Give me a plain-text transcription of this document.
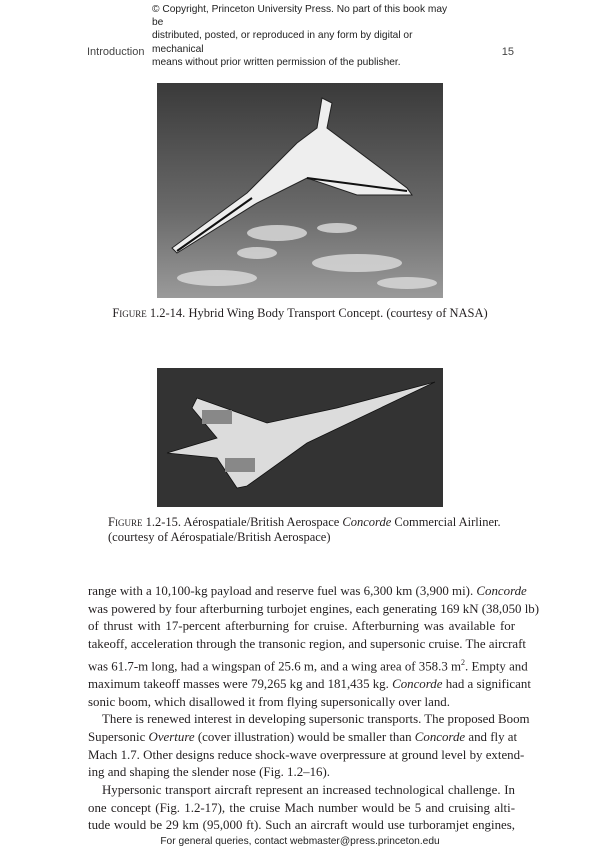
© Copyright, Princeton University Press. No part of this book may be
distributed, posted, or reproduced in any form by digital or mechanical
means without prior written permission of the publisher.
Introduction	15
Figure 1.2-14. Hybrid Wing Body Transport Concept. (courtesy of NASA)
Figure 1.2-15. Aérospatiale/British Aerospace Concorde Commercial Airliner.
(courtesy of Aérospatiale/British Aerospace)
range with a 10,100-kg payload and reserve fuel was 6,300 km (3,900 mi). Concorde
was powered by four afterburning turbojet engines, each generating 169 kN (38,050 lb)
of thrust with 17-percent afterburning for cruise. Afterburning was available for
takeoff, acceleration through the transonic region, and supersonic cruise. The aircraft
was 61.7-m long, had a wingspan of 25.6 m, and a wing area of 358.3 $m^2$. Empty and
maximum takeoff masses were 79,265 kg and 181,435 kg. Concorde had a significant
sonic boom, which disallowed it from flying supersonically over land.
There is renewed interest in developing supersonic transports. The proposed Boom
Supersonic Overture (cover illustration) would be smaller than Concorde and fly at
Mach 1.7. Other designs reduce shock-wave overpressure at ground level by extend-
ing and shaping the slender nose (Fig. 1.2–16).
Hypersonic transport aircraft represent an increased technological challenge. In
one concept (Fig. 1.2-17), the cruise Mach number would be 5 and cruising alti-
tude would be 29 km (95,000 ft). Such an aircraft would use turboramjet engines,
For general queries, contact webmaster@press.princeton.edu
